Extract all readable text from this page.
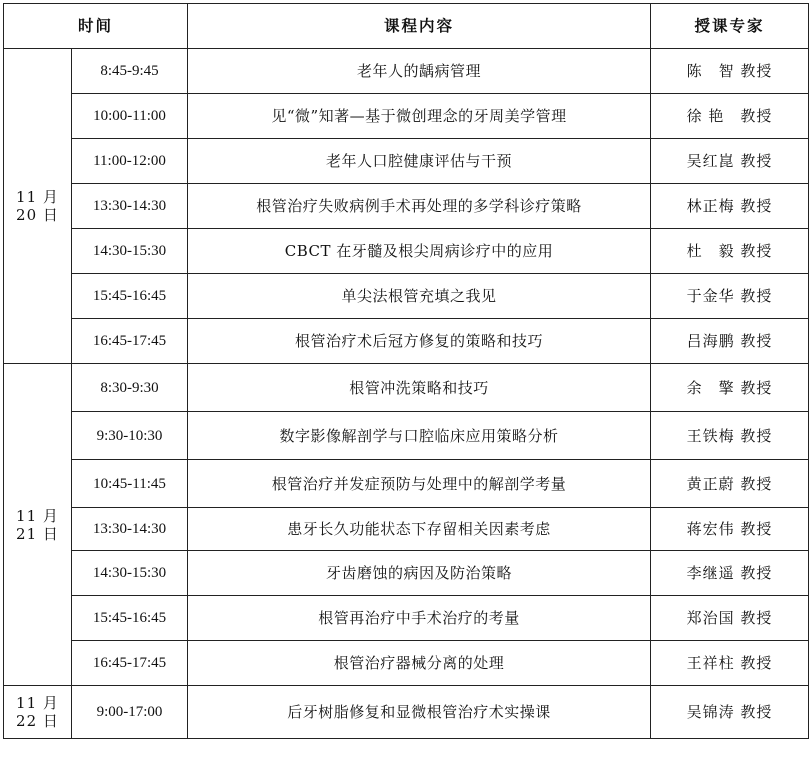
时间		课程内容	授课专家

11 月
20 日	8:45-9:45	老年人的龋病管理	陈　智 教授
	10:00-11:00	见“微”知著—基于微创理念的牙周美学管理	徐 艳　教授
	11:00-12:00	老年人口腔健康评估与干预	吴红崑 教授
	13:30-14:30	根管治疗失败病例手术再处理的多学科诊疗策略	林正梅 教授
	14:30-15:30	CBCT 在牙髓及根尖周病诊疗中的应用	杜　毅 教授
	15:45-16:45	单尖法根管充填之我见	于金华 教授
	16:45-17:45	根管治疗术后冠方修复的策略和技巧	吕海鹏 教授

11 月
21 日	8:30-9:30	根管冲洗策略和技巧	余　擎 教授
	9:30-10:30	数字影像解剖学与口腔临床应用策略分析	王铁梅 教授
	10:45-11:45	根管治疗并发症预防与处理中的解剖学考量	黄正蔚 教授
	13:30-14:30	患牙长久功能状态下存留相关因素考虑	蒋宏伟 教授
	14:30-15:30	牙齿磨蚀的病因及防治策略	李继遥 教授
	15:45-16:45	根管再治疗中手术治疗的考量	郑治国 教授
	16:45-17:45	根管治疗器械分离的处理	王祥柱 教授

11 月
22 日	9:00-17:00	后牙树脂修复和显微根管治疗术实操课	吴锦涛 教授
